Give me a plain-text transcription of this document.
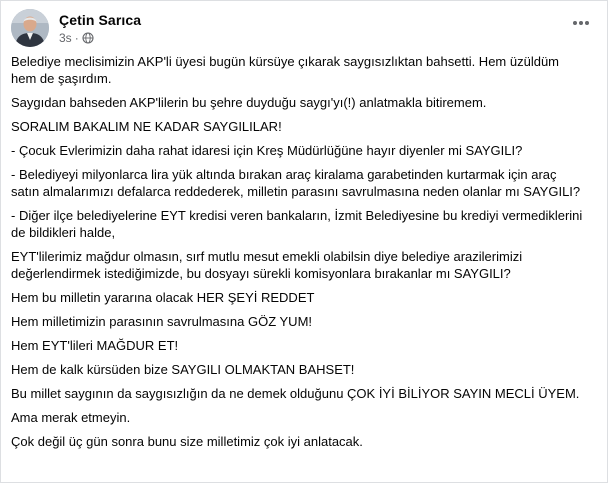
Çetin Sarıca
3s ·

Belediye meclisimizin AKP'li üyesi bugün kürsüye çıkarak saygısızlıktan bahsetti. Hem üzüldüm hem de şaşırdım.

Saygıdan bahseden AKP'lilerin bu şehre duyduğu saygı'yı(!) anlatmakla bitiremem.

SORALIM BAKALIM NE KADAR SAYGILILAR!

- Çocuk Evlerimizin daha rahat idaresi için Kreş Müdürlüğüne hayır diyenler mi SAYGILI?

- Belediyeyi milyonlarca lira yük altında bırakan araç kiralama garabetinden kurtarmak için araç satın almalarımızı defalarca reddederek, milletin parasını savrulmasına neden olanlar mı SAYGILI?

- Diğer ilçe belediyelerine EYT kredisi veren bankaların, İzmit Belediyesine bu krediyi vermediklerini de bildikleri halde,

EYT'lilerimiz mağdur olmasın, sırf mutlu mesut emekli olabilsin diye belediye arazilerimizi değerlendirmek istediğimizde, bu dosyayı sürekli komisyonlara bırakanlar mı SAYGILI?

Hem bu milletin yararına olacak HER ŞEYİ REDDET

Hem milletimizin parasının savrulmasına GÖZ YUM!

Hem EYT'lileri MAĞDUR ET!

Hem de kalk kürsüden bize SAYGILI OLMAKTAN BAHSET!

Bu millet saygının da saygısızlığın da ne demek olduğunu ÇOK İYİ BİLİYOR SAYIN MECLİ ÜYEM.

Ama merak etmeyin.

Çok değil üç gün sonra bunu size milletimiz çok iyi anlatacak.
